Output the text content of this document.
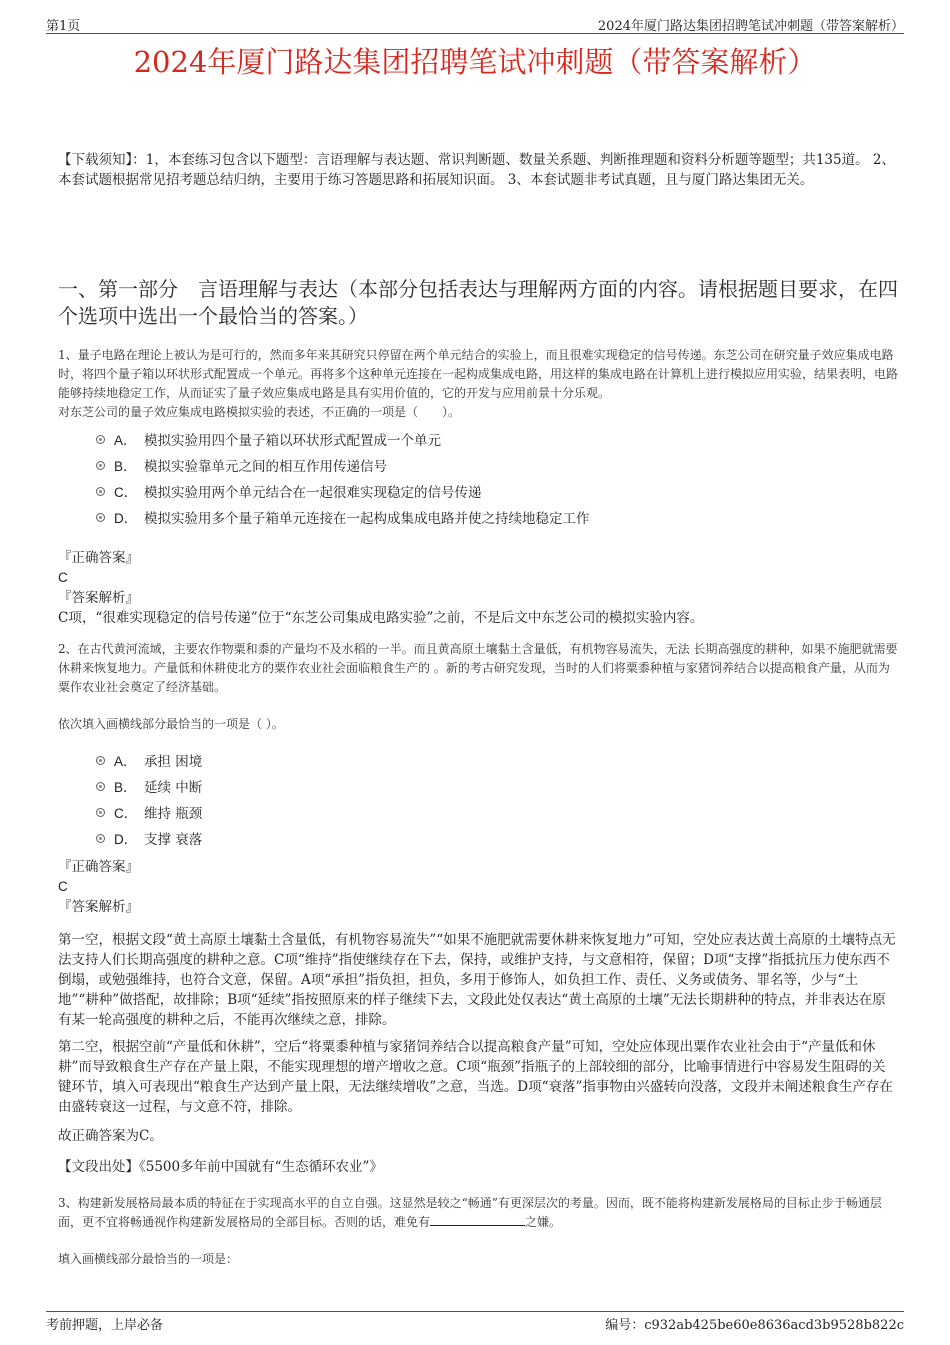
第1页	2024年厦门路达集团招聘笔试冲刺题（带答案解析）
2024年厦门路达集团招聘笔试冲刺题（带答案解析）
【下载须知】：1，本套练习包含以下题型：言语理解与表达题、常识判断题、数量关系题、判断推理题和资料分析题等题型；共135道。 2、本套试题根据常见招考题总结归纳，主要用于练习答题思路和拓展知识面。 3、本套试题非考试真题，且与厦门路达集团无关。
一、第一部分　言语理解与表达（本部分包括表达与理解两方面的内容。请根据题目要求，在四个选项中选出一个最恰当的答案。）
1、量子电路在理论上被认为是可行的，然而多年来其研究只停留在两个单元结合的实验上，而且很难实现稳定的信号传递。东芝公司在研究量子效应集成电路时，将四个量子箱以环状形式配置成一个单元。再将多个这种单元连接在一起构成集成电路，用这样的集成电路在计算机上进行模拟应用实验，结果表明，电路能够持续地稳定工作，从而证实了量子效应集成电路是具有实用价值的，它的开发与应用前景十分乐观。
对东芝公司的量子效应集成电路模拟实验的表述，不正确的一项是（　　）。
A． 模拟实验用四个量子箱以环状形式配置成一个单元
B． 模拟实验靠单元之间的相互作用传递信号
C． 模拟实验用两个单元结合在一起很难实现稳定的信号传递
D． 模拟实验用多个量子箱单元连接在一起构成集成电路并使之持续地稳定工作
『正确答案』
C
『答案解析』
C项，“很难实现稳定的信号传递”位于“东芝公司集成电路实验”之前，不是后文中东芝公司的模拟实验内容。
2、在古代黄河流域，主要农作物粟和黍的产量均不及水稻的一半。而且黄高原土壤黏土含量低，有机物容易流失，无法 长期高强度的耕种，如果不施肥就需要休耕来恢复地力。产量低和休耕使北方的粟作农业社会面临粮食生产的 。新的考古研究发现，当时的人们将粟黍种植与家猪饲养结合以提高粮食产量，从而为粟作农业社会奠定了经济基础。
依次填入画横线部分最恰当的一项是（ ）。
A． 承担 困境
B． 延续 中断
C． 维持 瓶颈
D． 支撑 衰落
『正确答案』
C
『答案解析』
第一空，根据文段“黄土高原土壤黏土含量低，有机物容易流失”“如果不施肥就需要休耕来恢复地力”可知，空处应表达黄土高原的土壤特点无法支持人们长期高强度的耕种之意。C项“维持”指使继续存在下去，保持，或维护支持，与文意相符，保留；D项“支撑”指抵抗压力使东西不倒塌，或勉强维持，也符合文意，保留。A项“承担”指负担，担负，多用于修饰人，如负担工作、责任、义务或债务、罪名等，少与“土地”“耕种”做搭配，故排除；B项“延续”指按照原来的样子继续下去，文段此处仅表达“黄土高原的土壤”无法长期耕种的特点，并非表达在原有某一轮高强度的耕种之后，不能再次继续之意，排除。
第二空，根据空前“产量低和休耕”，空后“将粟黍种植与家猪饲养结合以提高粮食产量”可知，空处应体现出粟作农业社会由于“产量低和休耕”而导致粮食生产存在产量上限，不能实现理想的增产增收之意。C项“瓶颈”指瓶子的上部较细的部分，比喻事情进行中容易发生阻碍的关键环节，填入可表现出“粮食生产达到产量上限，无法继续增收”之意，当选。D项“衰落”指事物由兴盛转向没落，文段并未阐述粮食生产存在由盛转衰这一过程，与文意不符，排除。
故正确答案为C。
【文段出处】《5500多年前中国就有“生态循环农业”》
3、构建新发展格局最本质的特征在于实现高水平的自立自强。这显然是较之“畅通”有更深层次的考量。因而，既不能将构建新发展格局的目标止步于畅通层面，更不宜将畅通视作构建新发展格局的全部目标。否则的话，难免有	之嫌。
填入画横线部分最恰当的一项是：
考前押题，上岸必备	编号：c932ab425be60e8636acd3b9528b822c
